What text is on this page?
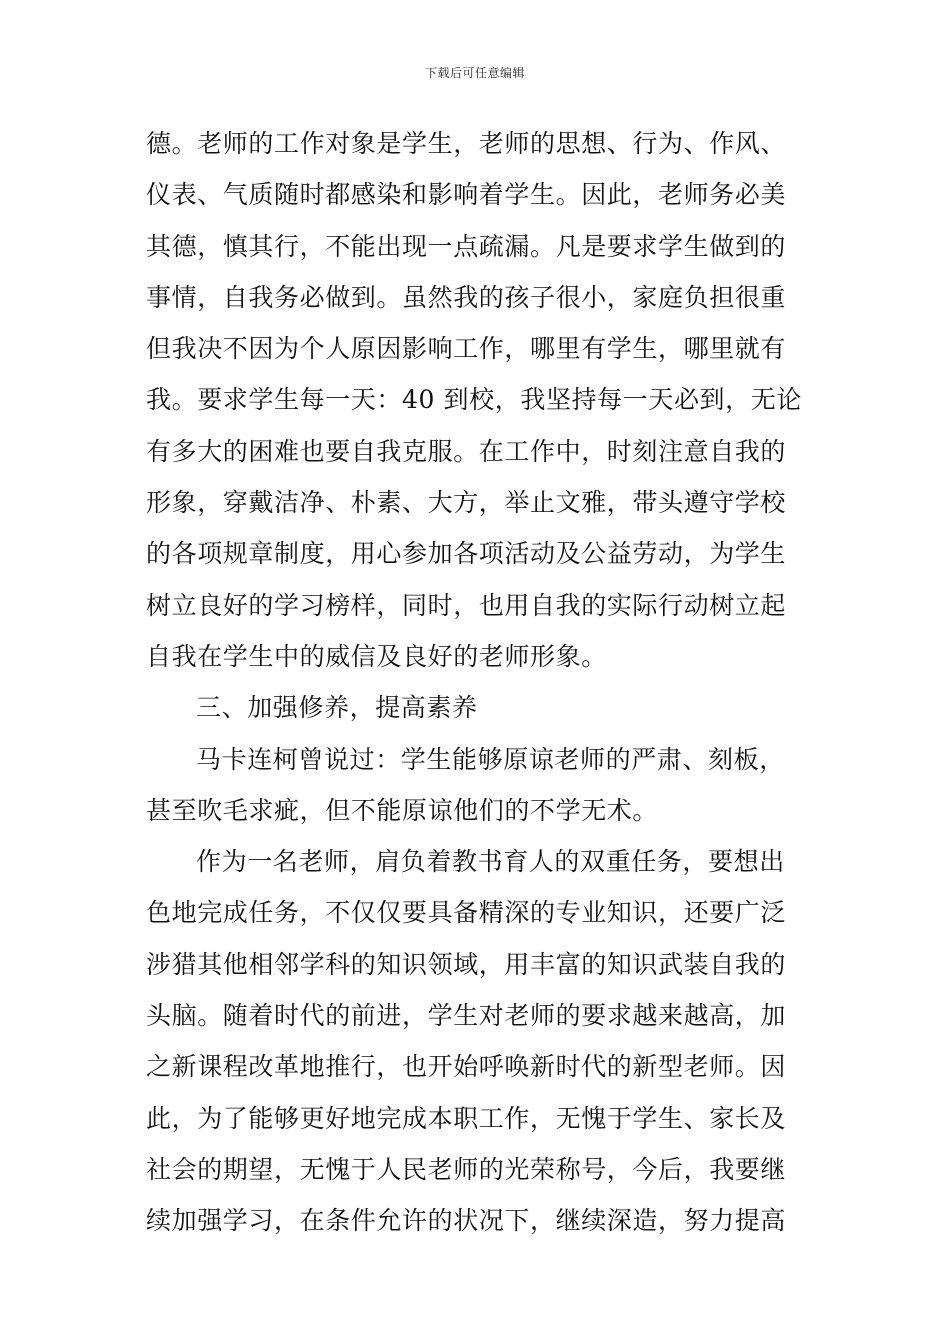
下载后可任意编辑
德。老师的工作对象是学生，老师的思想、行为、作风、
仪表、气质随时都感染和影响着学生。因此，老师务必美
其德，慎其行，不能出现一点疏漏。凡是要求学生做到的
事情，自我务必做到。虽然我的孩子很小，家庭负担很重
但我决不因为个人原因影响工作，哪里有学生，哪里就有
我。要求学生每一天：40 到校，我坚持每一天必到，无论
有多大的困难也要自我克服。在工作中，时刻注意自我的
形象，穿戴洁净、朴素、大方，举止文雅，带头遵守学校
的各项规章制度，用心参加各项活动及公益劳动，为学生
树立良好的学习榜样，同时，也用自我的实际行动树立起
自我在学生中的威信及良好的老师形象。
三、加强修养，提高素养
马卡连柯曾说过：学生能够原谅老师的严肃、刻板，
甚至吹毛求疵，但不能原谅他们的不学无术。
作为一名老师，肩负着教书育人的双重任务，要想出
色地完成任务，不仅仅要具备精深的专业知识，还要广泛
涉猎其他相邻学科的知识领域，用丰富的知识武装自我的
头脑。随着时代的前进，学生对老师的要求越来越高，加
之新课程改革地推行，也开始呼唤新时代的新型老师。因
此，为了能够更好地完成本职工作，无愧于学生、家长及
社会的期望，无愧于人民老师的光荣称号，今后，我要继
续加强学习，在条件允许的状况下，继续深造，努力提高
